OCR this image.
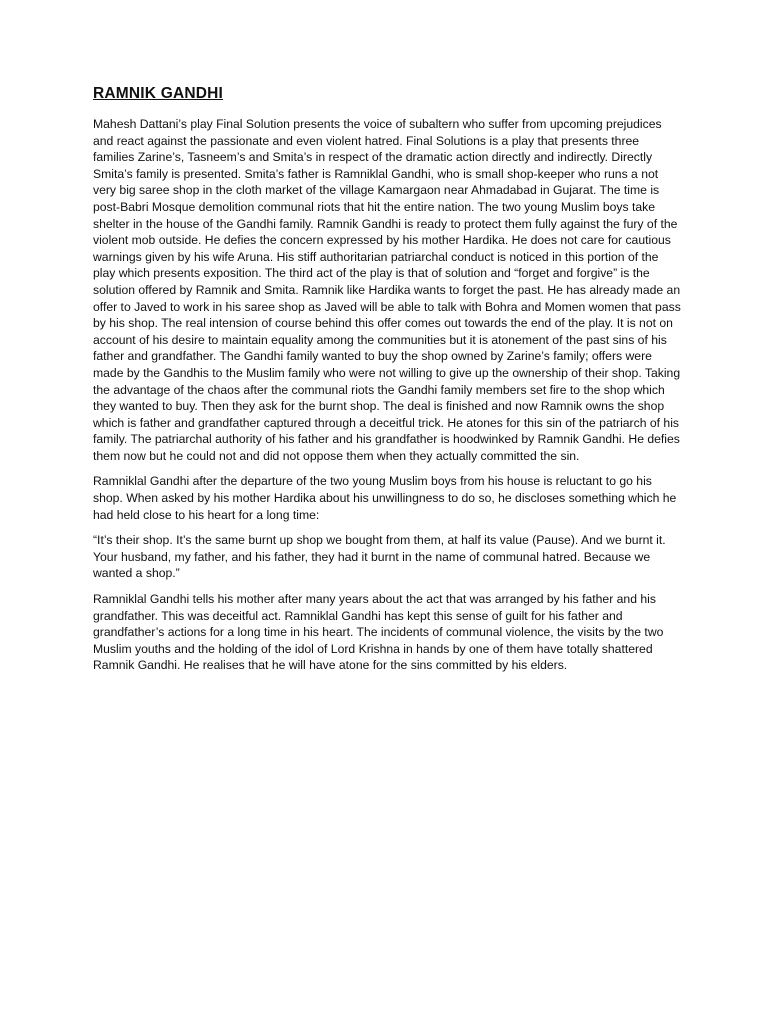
RAMNIK GANDHI

Mahesh Dattani’s play Final Solution presents the voice of subaltern who suffer from upcoming prejudices and react against the passionate and even violent hatred. Final Solutions is a play that presents three families Zarine’s, Tasneem’s and Smita’s in respect of the dramatic action directly and indirectly. Directly Smita’s family is presented. Smita’s father is Ramniklal Gandhi, who is small shop-keeper who runs a not very big saree shop in the cloth market of the village Kamargaon near Ahmadabad in Gujarat. The time is post-Babri Mosque demolition communal riots that hit the entire nation. The two young Muslim boys take shelter in the house of the Gandhi family. Ramnik Gandhi is ready to protect them fully against the fury of the violent mob outside. He defies the concern expressed by his mother Hardika. He does not care for cautious warnings given by his wife Aruna. His stiff authoritarian patriarchal conduct is noticed in this portion of the play which presents exposition. The third act of the play is that of solution and “forget and forgive” is the solution offered by Ramnik and Smita. Ramnik like Hardika wants to forget the past. He has already made an offer to Javed to work in his saree shop as Javed will be able to talk with Bohra and Momen women that pass by his shop. The real intension of course behind this offer comes out towards the end of the play. It is not on account of his desire to maintain equality among the communities but it is atonement of the past sins of his father and grandfather. The Gandhi family wanted to buy the shop owned by Zarine’s family; offers were made by the Gandhis to the Muslim family who were not willing to give up the ownership of their shop. Taking the advantage of the chaos after the communal riots the Gandhi family members set fire to the shop which they wanted to buy. Then they ask for the burnt shop. The deal is finished and now Ramnik owns the shop which is father and grandfather captured through a deceitful trick. He atones for this sin of the patriarch of his family. The patriarchal authority of his father and his grandfather is hoodwinked by Ramnik Gandhi. He defies them now but he could not and did not oppose them when they actually committed the sin.

Ramniklal Gandhi after the departure of the two young Muslim boys from his house is reluctant to go his shop. When asked by his mother Hardika about his unwillingness to do so, he discloses something which he had held close to his heart for a long time:

“It’s their shop. It’s the same burnt up shop we bought from them, at half its value (Pause). And we burnt it. Your husband, my father, and his father, they had it burnt in the name of communal hatred. Because we wanted a shop.”

Ramniklal Gandhi tells his mother after many years about the act that was arranged by his father and his grandfather. This was deceitful act. Ramniklal Gandhi has kept this sense of guilt for his father and grandfather’s actions for a long time in his heart. The incidents of communal violence, the visits by the two Muslim youths and the holding of the idol of Lord Krishna in hands by one of them have totally shattered Ramnik Gandhi. He realises that he will have atone for the sins committed by his elders.
